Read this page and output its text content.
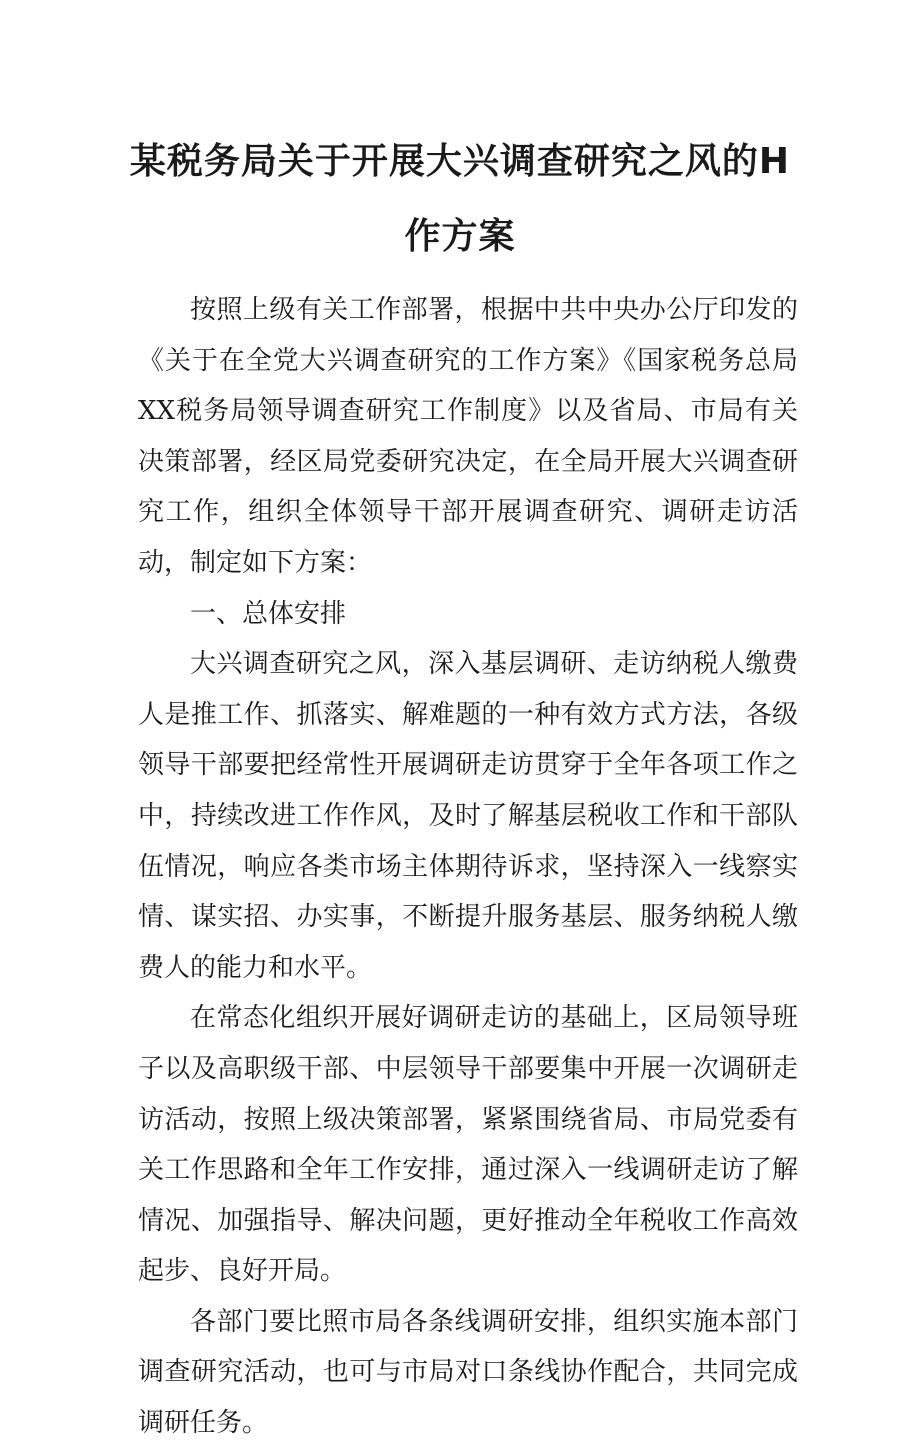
某税务局关于开展大兴调查研究之风的H
作方案

按照上级有关工作部署，根据中共中央办公厅印发的《关于在全党大兴调查研究的工作方案》《国家税务总局XX税务局领导调查研究工作制度》以及省局、市局有关决策部署，经区局党委研究决定，在全局开展大兴调查研究工作，组织全体领导干部开展调查研究、调研走访活动，制定如下方案：

一、总体安排

大兴调查研究之风，深入基层调研、走访纳税人缴费人是推工作、抓落实、解难题的一种有效方式方法，各级领导干部要把经常性开展调研走访贯穿于全年各项工作之中，持续改进工作作风，及时了解基层税收工作和干部队伍情况，响应各类市场主体期待诉求，坚持深入一线察实情、谋实招、办实事，不断提升服务基层、服务纳税人缴费人的能力和水平。

在常态化组织开展好调研走访的基础上，区局领导班子以及高职级干部、中层领导干部要集中开展一次调研走访活动，按照上级决策部署，紧紧围绕省局、市局党委有关工作思路和全年工作安排，通过深入一线调研走访了解情况、加强指导、解决问题，更好推动全年税收工作高效起步、良好开局。

各部门要比照市局各条线调研安排，组织实施本部门调查研究活动，也可与市局对口条线协作配合，共同完成调研任务。
